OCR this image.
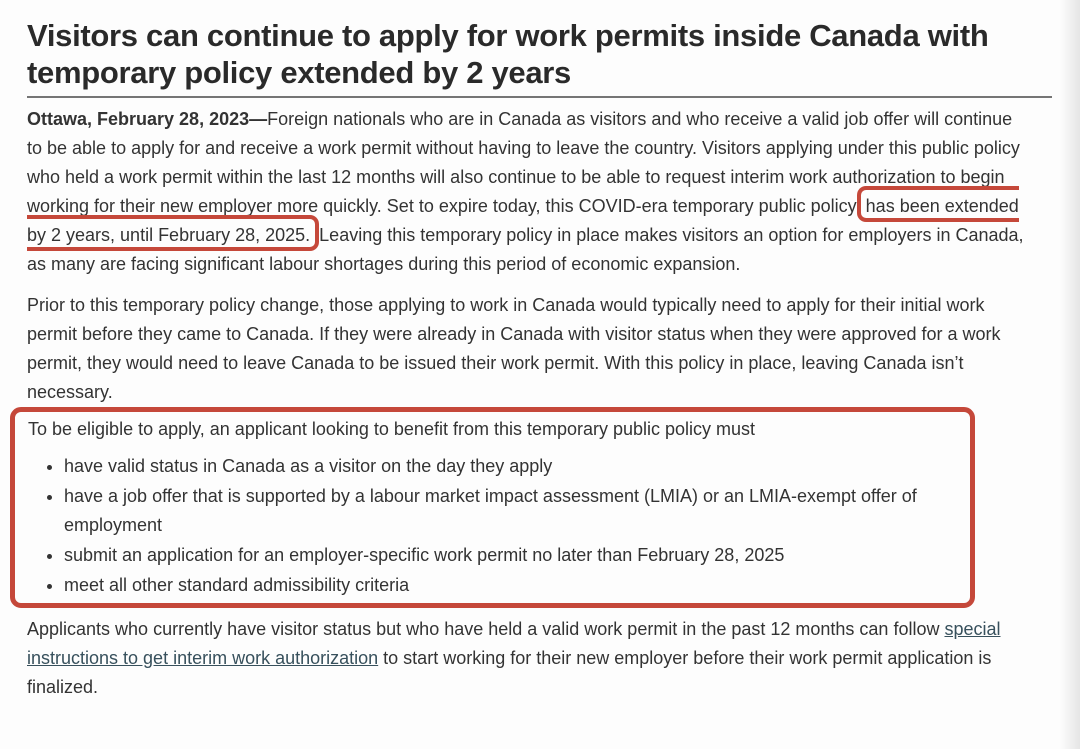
Visitors can continue to apply for work permits inside Canada with temporary policy extended by 2 years

Ottawa, February 28, 2023—Foreign nationals who are in Canada as visitors and who receive a valid job offer will continue to be able to apply for and receive a work permit without having to leave the country. Visitors applying under this public policy who held a work permit within the last 12 months will also continue to be able to request interim work authorization to begin working for their new employer more quickly. Set to expire today, this COVID-era temporary public policy has been extended by 2 years, until February 28, 2025. Leaving this temporary policy in place makes visitors an option for employers in Canada, as many are facing significant labour shortages during this period of economic expansion.

Prior to this temporary policy change, those applying to work in Canada would typically need to apply for their initial work permit before they came to Canada. If they were already in Canada with visitor status when they were approved for a work permit, they would need to leave Canada to be issued their work permit. With this policy in place, leaving Canada isn’t necessary.

To be eligible to apply, an applicant looking to benefit from this temporary public policy must

• have valid status in Canada as a visitor on the day they apply
• have a job offer that is supported by a labour market impact assessment (LMIA) or an LMIA-exempt offer of employment
• submit an application for an employer-specific work permit no later than February 28, 2025
• meet all other standard admissibility criteria

Applicants who currently have visitor status but who have held a valid work permit in the past 12 months can follow special instructions to get interim work authorization to start working for their new employer before their work permit application is finalized.
